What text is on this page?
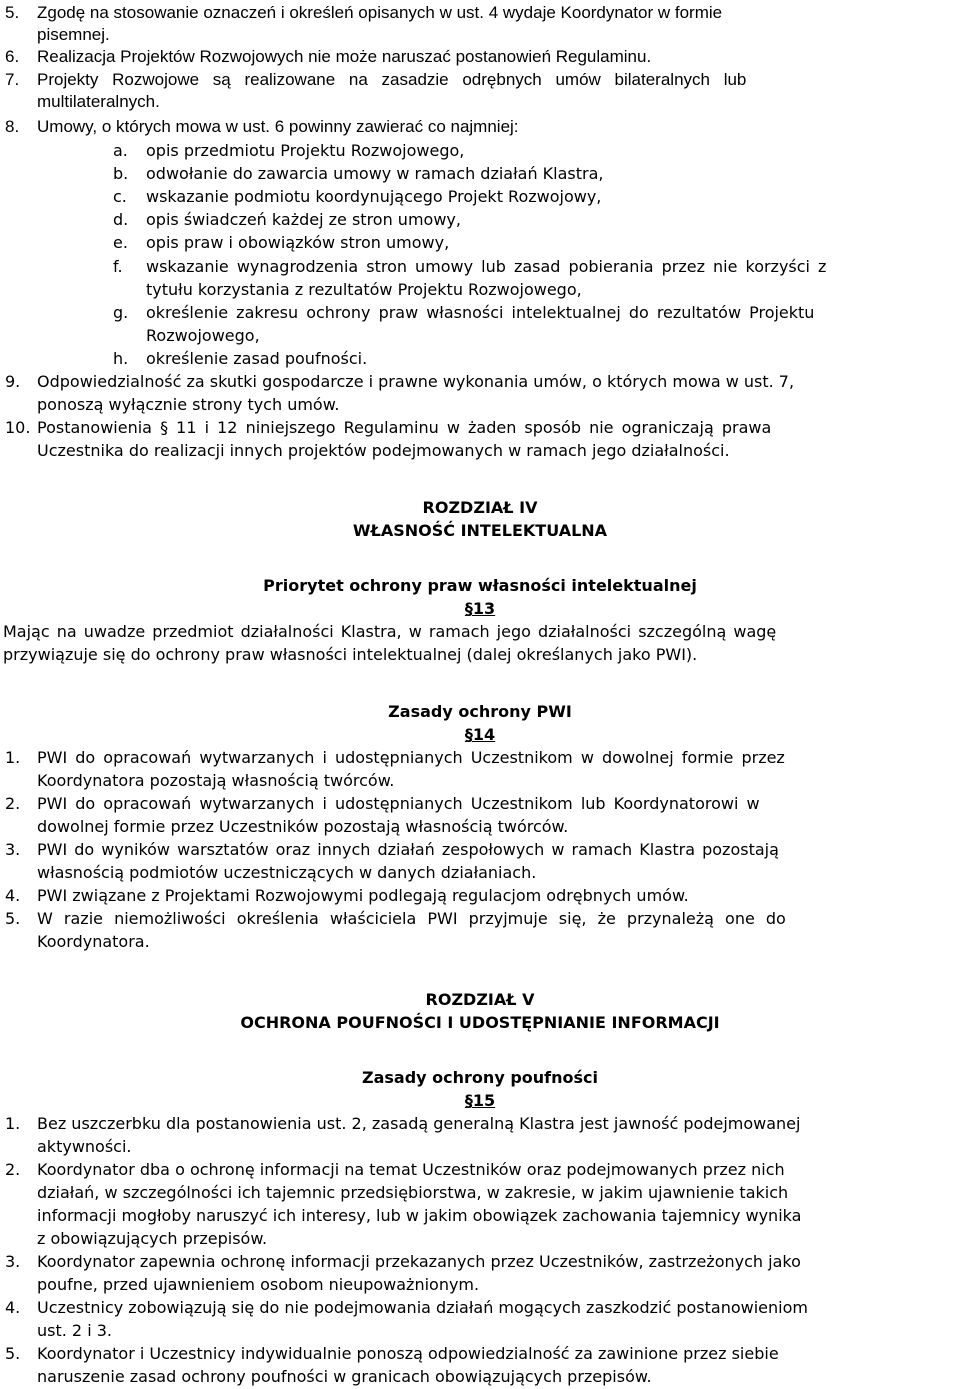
5. Zgodę na stosowanie oznaczeń i określeń opisanych w ust. 4 wydaje Koordynator w formie
pisemnej.
6. Realizacja Projektów Rozwojowych nie może naruszać postanowień Regulaminu.
7. Projekty Rozwojowe są realizowane na zasadzie odrębnych umów bilateralnych lub
multilateralnych.
8. Umowy, o których mowa w ust. 6 powinny zawierać co najmniej:
a. opis przedmiotu Projektu Rozwojowego,
b. odwołanie do zawarcia umowy w ramach działań Klastra,
c. wskazanie podmiotu koordynującego Projekt Rozwojowy,
d. opis świadczeń każdej ze stron umowy,
e. opis praw i obowiązków stron umowy,
f. wskazanie wynagrodzenia stron umowy lub zasad pobierania przez nie korzyści z
tytułu korzystania z rezultatów Projektu Rozwojowego,
g. określenie zakresu ochrony praw własności intelektualnej do rezultatów Projektu
Rozwojowego,
h. określenie zasad poufności.
9. Odpowiedzialność za skutki gospodarcze i prawne wykonania umów, o których mowa w ust. 7,
ponoszą wyłącznie strony tych umów.
10. Postanowienia § 11 i 12 niniejszego Regulaminu w żaden sposób nie ograniczają prawa
Uczestnika do realizacji innych projektów podejmowanych w ramach jego działalności.
ROZDZIAŁ IV
WŁASNOŚĆ INTELEKTUALNA
Priorytet ochrony praw własności intelektualnej
§13
Mając na uwadze przedmiot działalności Klastra, w ramach jego działalności szczególną wagę
przywiązuje się do ochrony praw własności intelektualnej (dalej określanych jako PWI).
Zasady ochrony PWI
§14
1. PWI do opracowań wytwarzanych i udostępnianych Uczestnikom w dowolnej formie przez
Koordynatora pozostają własnością twórców.
2. PWI do opracowań wytwarzanych i udostępnianych Uczestnikom lub Koordynatorowi w
dowolnej formie przez Uczestników pozostają własnością twórców.
3. PWI do wyników warsztatów oraz innych działań zespołowych w ramach Klastra pozostają
własnością podmiotów uczestniczących w danych działaniach.
4. PWI związane z Projektami Rozwojowymi podlegają regulacjom odrębnych umów.
5. W razie niemożliwości określenia właściciela PWI przyjmuje się, że przynależą one do
Koordynatora.
ROZDZIAŁ V
OCHRONA POUFNOŚCI I UDOSTĘPNIANIE INFORMACJI
Zasady ochrony poufności
§15
1. Bez uszczerbku dla postanowienia ust. 2, zasadą generalną Klastra jest jawność podejmowanej
aktywności.
2. Koordynator dba o ochronę informacji na temat Uczestników oraz podejmowanych przez nich
działań, w szczególności ich tajemnic przedsiębiorstwa, w zakresie, w jakim ujawnienie takich
informacji mogłoby naruszyć ich interesy, lub w jakim obowiązek zachowania tajemnicy wynika
z obowiązujących przepisów.
3. Koordynator zapewnia ochronę informacji przekazanych przez Uczestników, zastrzeżonych jako
poufne, przed ujawnieniem osobom nieupoważnionym.
4. Uczestnicy zobowiązują się do nie podejmowania działań mogących zaszkodzić postanowieniom
ust. 2 i 3.
5. Koordynator i Uczestnicy indywidualnie ponoszą odpowiedzialność za zawinione przez siebie
naruszenie zasad ochrony poufności w granicach obowiązujących przepisów.
